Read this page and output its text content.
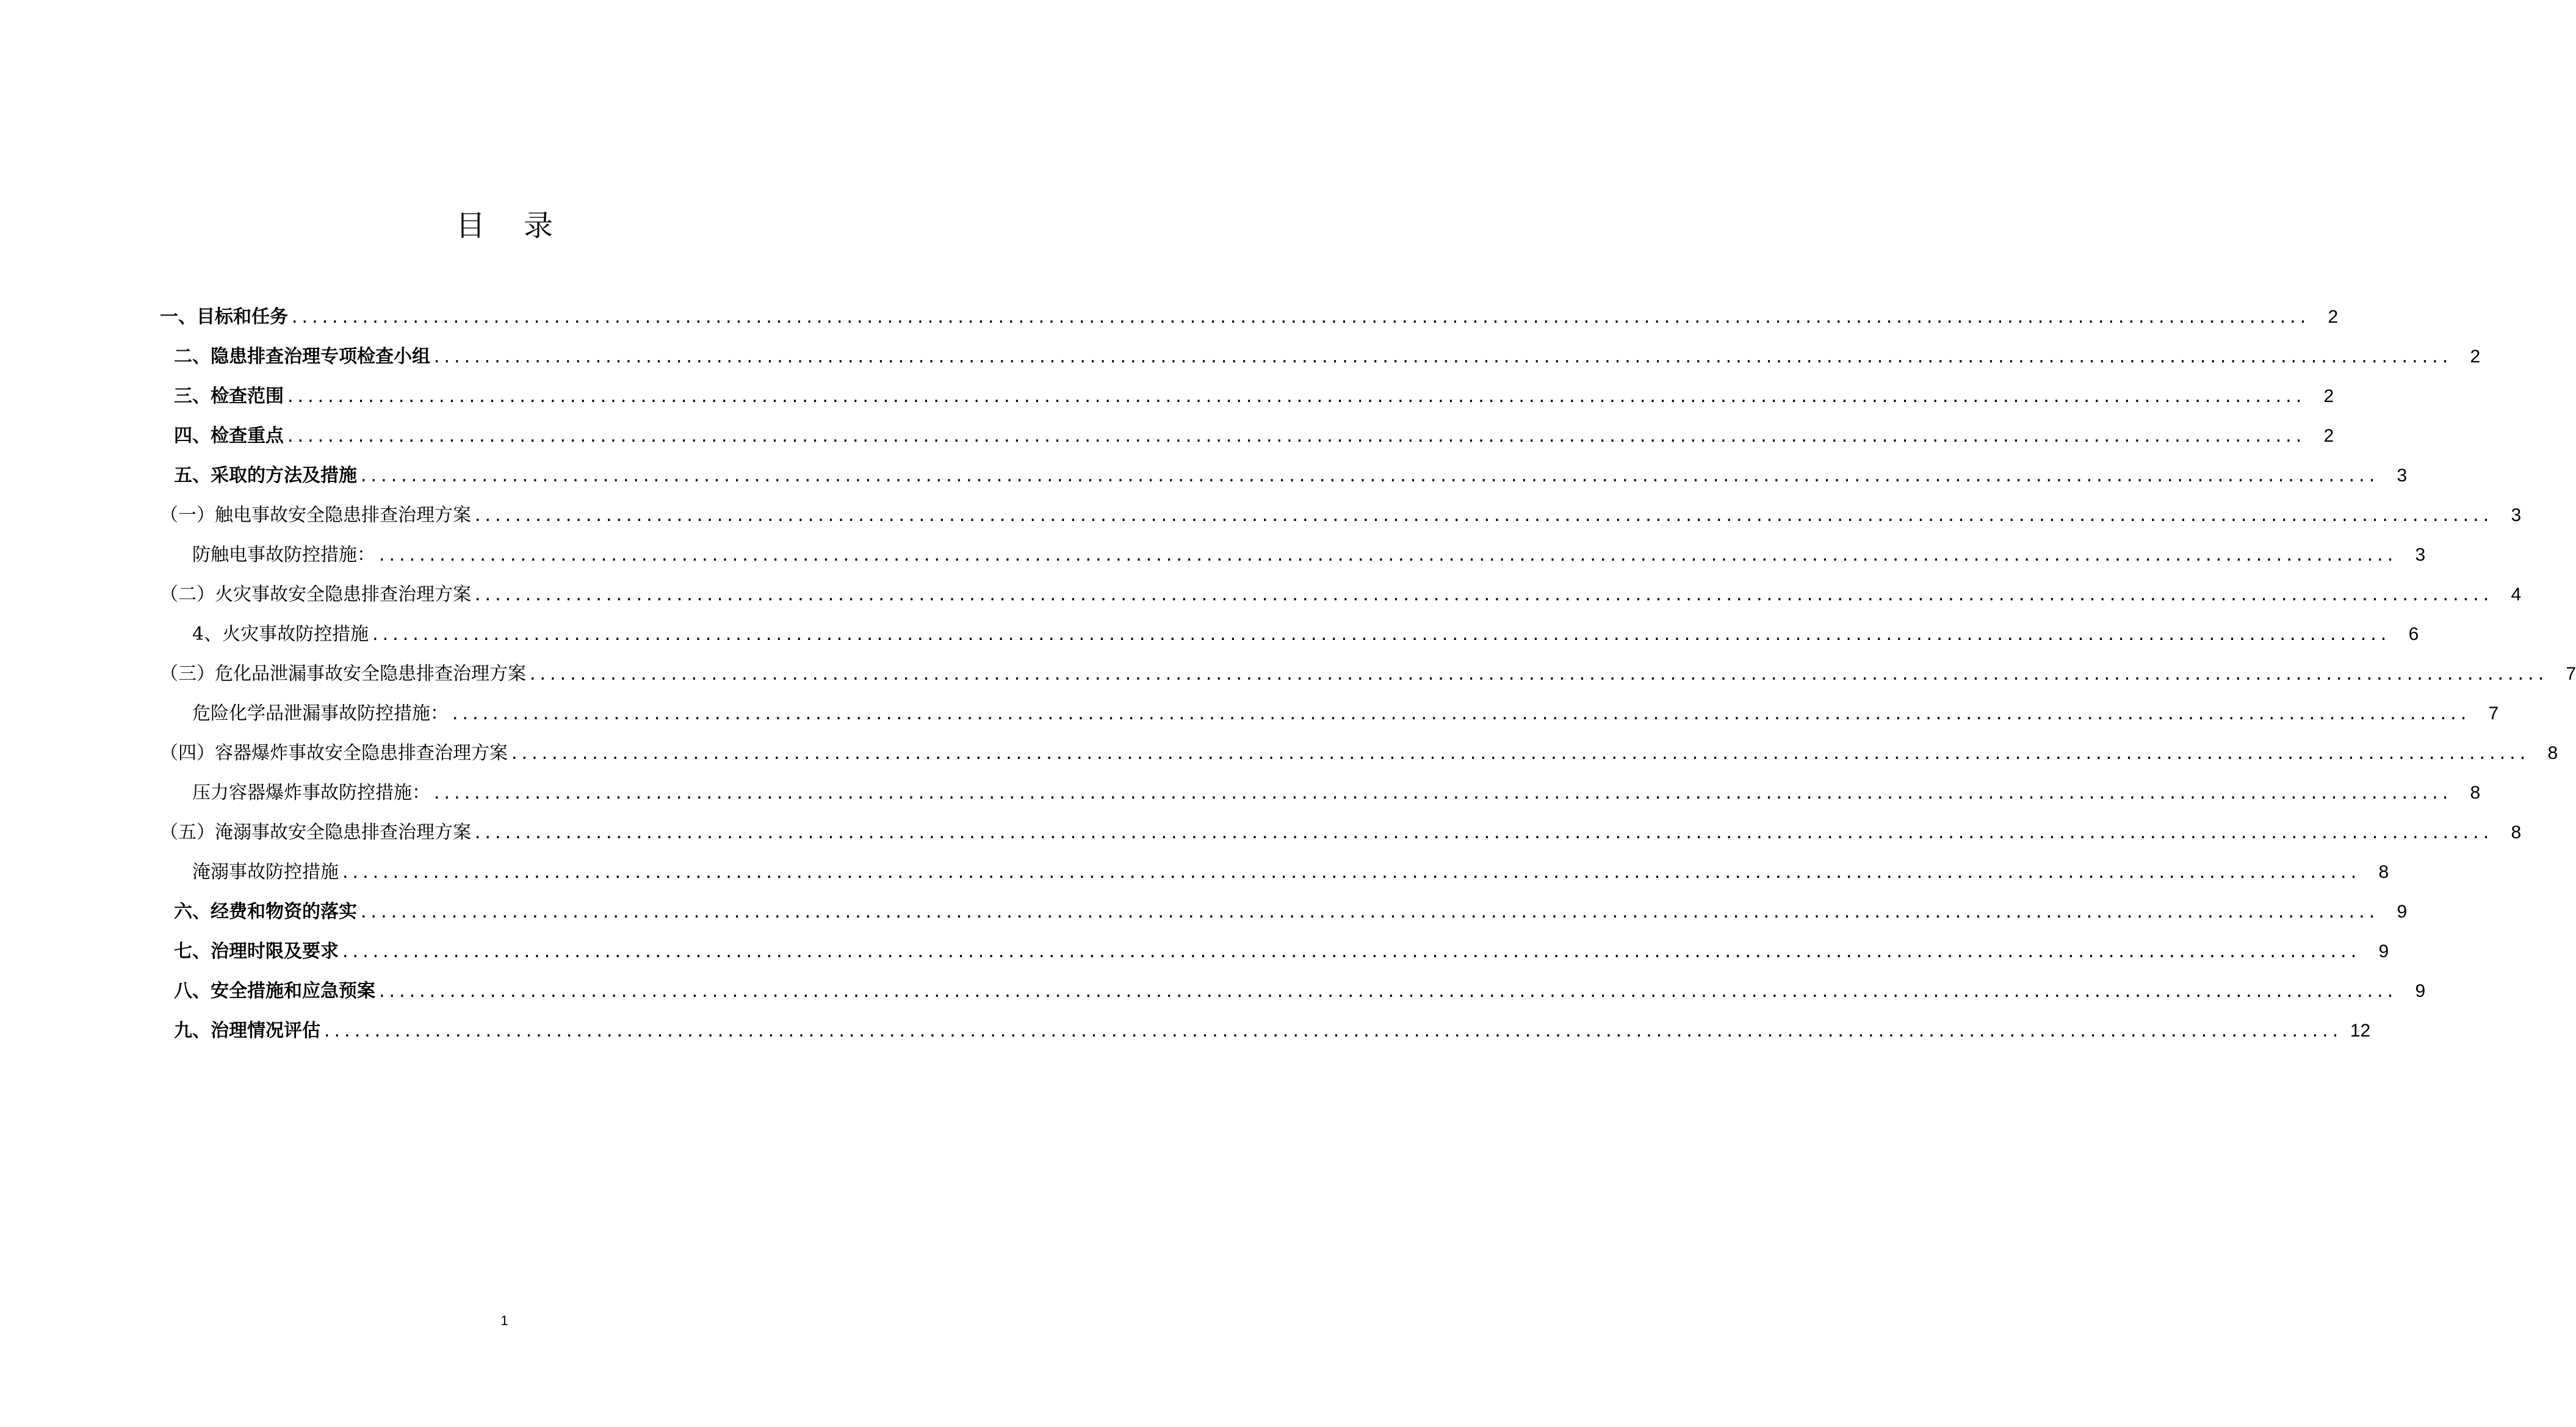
目 录
一、目标和任务 ........................................................................................................................................................................................................ 2
二、隐患排查治理专项检查小组 ........................................................................................................................................................................................................ 2
三、检查范围 ........................................................................................................................................................................................................ 2
四、检查重点 ........................................................................................................................................................................................................ 2
五、采取的方法及措施 ........................................................................................................................................................................................................ 3
（一）触电事故安全隐患排查治理方案 ........................................................................................................................................................................................................ 3
防触电事故防控措施： ........................................................................................................................................................................................................ 3
（二）火灾事故安全隐患排查治理方案 ........................................................................................................................................................................................................ 4
4、火灾事故防控措施 ........................................................................................................................................................................................................ 6
（三）危化品泄漏事故安全隐患排查治理方案 ........................................................................................................................................................................................................ 7
危险化学品泄漏事故防控措施： ........................................................................................................................................................................................................ 7
（四）容器爆炸事故安全隐患排查治理方案 ........................................................................................................................................................................................................ 8
压力容器爆炸事故防控措施： ........................................................................................................................................................................................................ 8
（五）淹溺事故安全隐患排查治理方案 ........................................................................................................................................................................................................ 8
淹溺事故防控措施 ........................................................................................................................................................................................................ 8
六、经费和物资的落实 ........................................................................................................................................................................................................ 9
七、治理时限及要求 ........................................................................................................................................................................................................ 9
八、安全措施和应急预案 ........................................................................................................................................................................................................ 9
九、治理情况评估 ........................................................................................................................................................................................................ 12
1
